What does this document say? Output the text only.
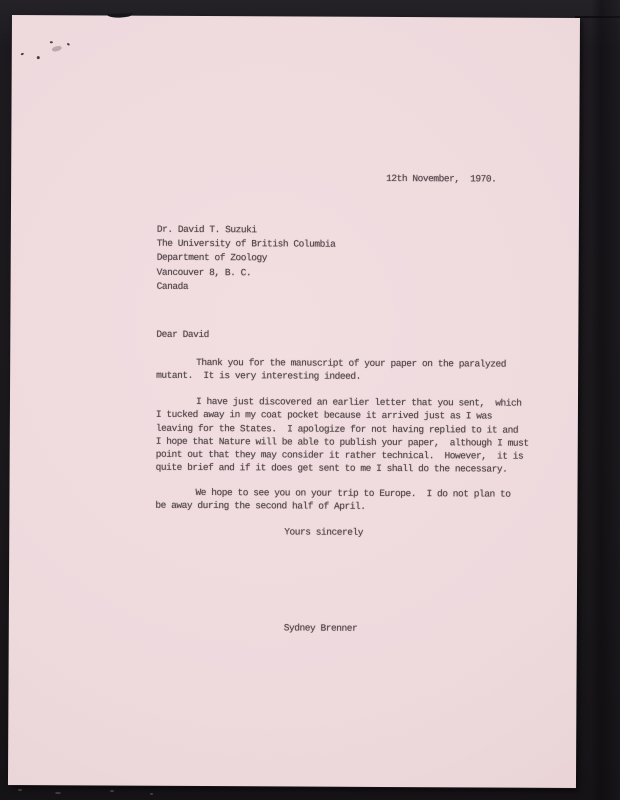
12th November,  1970.
Dr. David T. Suzuki
The University of British Columbia
Department of Zoology
Vancouver 8, B. C.
Canada
Dear David
Thank you for the manuscript of your paper on the paralyzed
mutant.  It is very interesting indeed.
I have just discovered an earlier letter that you sent,  which
I tucked away in my coat pocket because it arrived just as I was
leaving for the States.  I apologize for not having replied to it and
I hope that Nature will be able to publish your paper,  although I must
point out that they may consider it rather technical.  However,  it is
quite brief and if it does get sent to me I shall do the necessary.
We hope to see you on your trip to Europe.  I do not plan to
be away during the second half of April.
Yours sincerely
Sydney Brenner
